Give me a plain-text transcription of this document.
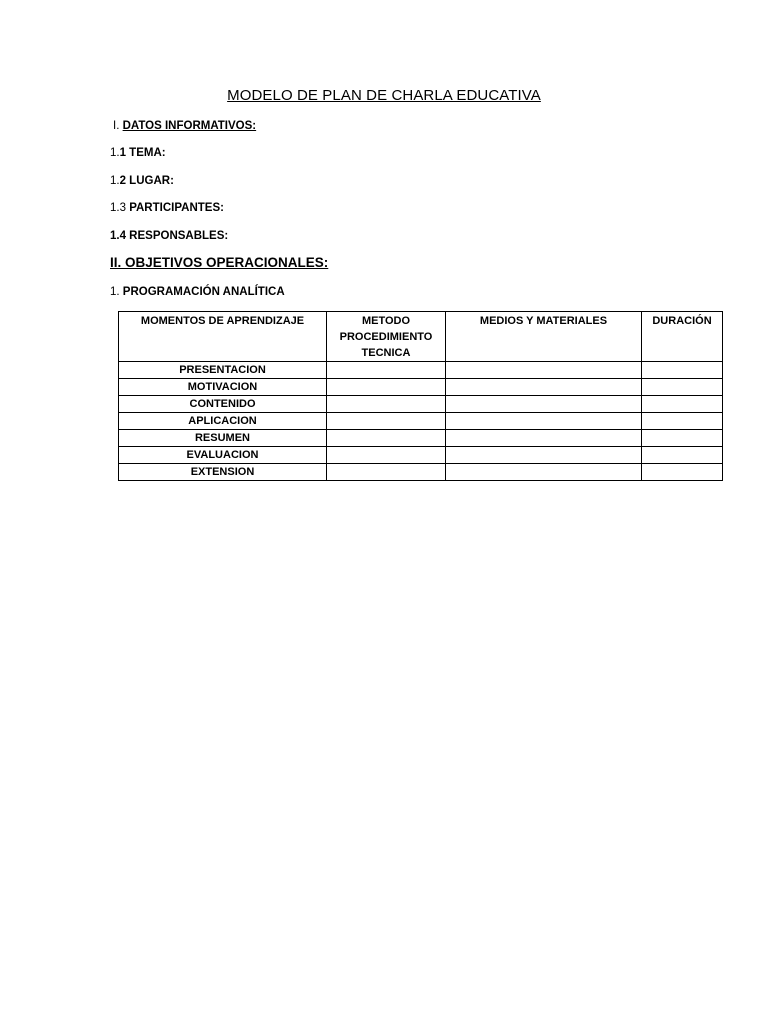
MODELO DE PLAN DE CHARLA EDUCATIVA
I. DATOS INFORMATIVOS:
1.1 TEMA:
1.2 LUGAR:
1.3 PARTICIPANTES:
1.4 RESPONSABLES:
II. OBJETIVOS OPERACIONALES:
1. PROGRAMACIÓN ANALÍTICA
MOMENTOS DE APRENDIZAJE	METODO
PROCEDIMIENTO
TECNICA	MEDIOS Y MATERIALES	DURACIÓN
PRESENTACION			
MOTIVACION			
CONTENIDO			
APLICACION			
RESUMEN			
EVALUACION			
EXTENSION			
